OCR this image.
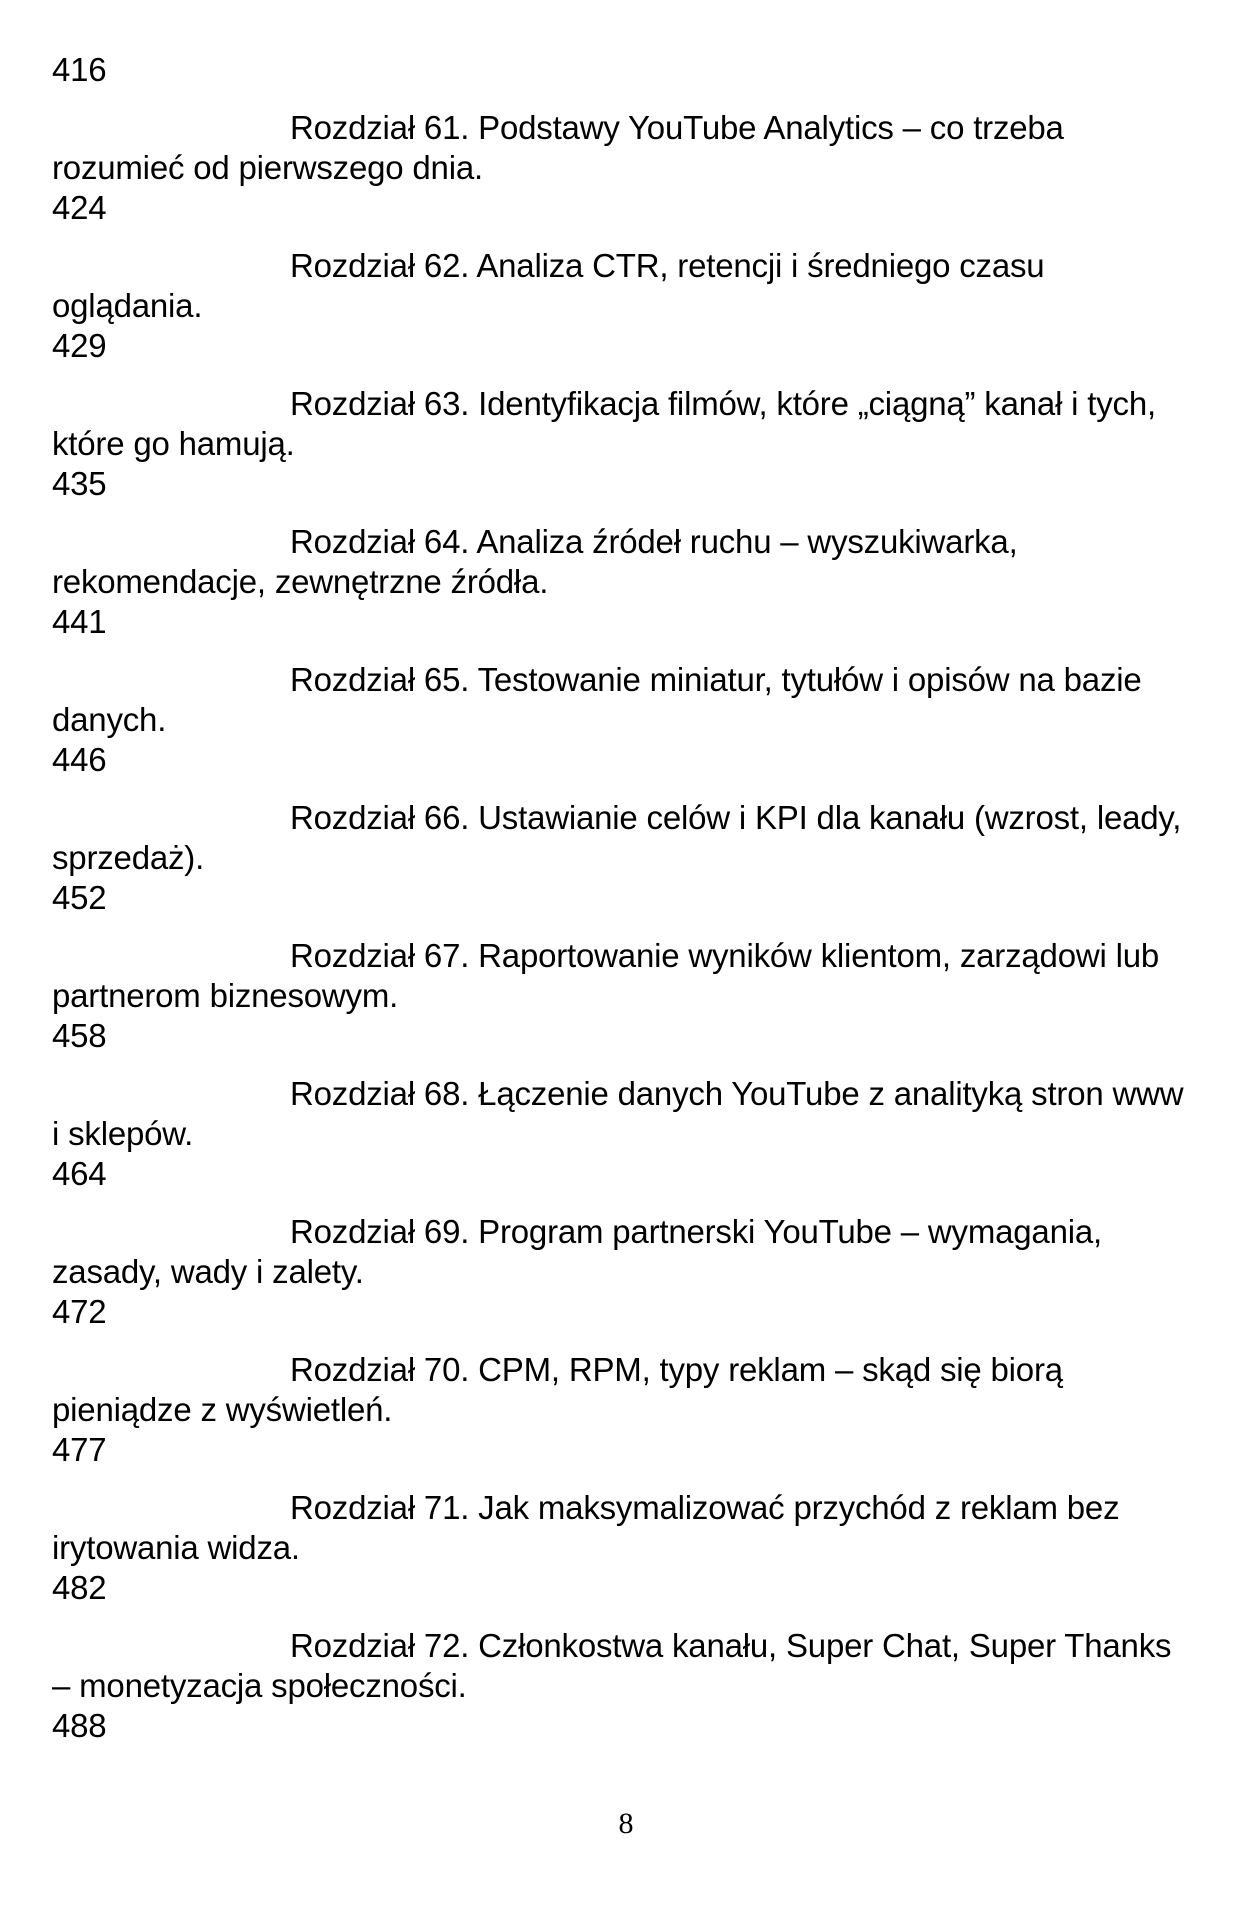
416

Rozdział 61. Podstawy YouTube Analytics – co trzeba rozumieć od pierwszego dnia.

424

Rozdział 62. Analiza CTR, retencji i średniego czasu oglądania.

429

Rozdział 63. Identyfikacja filmów, które „ciągną” kanał i tych, które go hamują.

435

Rozdział 64. Analiza źródeł ruchu – wyszukiwarka, rekomendacje, zewnętrzne źródła.

441

Rozdział 65. Testowanie miniatur, tytułów i opisów na bazie danych.

446

Rozdział 66. Ustawianie celów i KPI dla kanału (wzrost, leady, sprzedaż).

452

Rozdział 67. Raportowanie wyników klientom, zarządowi lub partnerom biznesowym.

458

Rozdział 68. Łączenie danych YouTube z analityką stron www i sklepów.

464

Rozdział 69. Program partnerski YouTube – wymagania, zasady, wady i zalety.

472

Rozdział 70. CPM, RPM, typy reklam – skąd się biorą pieniądze z wyświetleń.

477

Rozdział 71. Jak maksymalizować przychód z reklam bez irytowania widza.

482

Rozdział 72. Członkostwa kanału, Super Chat, Super Thanks – monetyzacja społeczności.

488
8
